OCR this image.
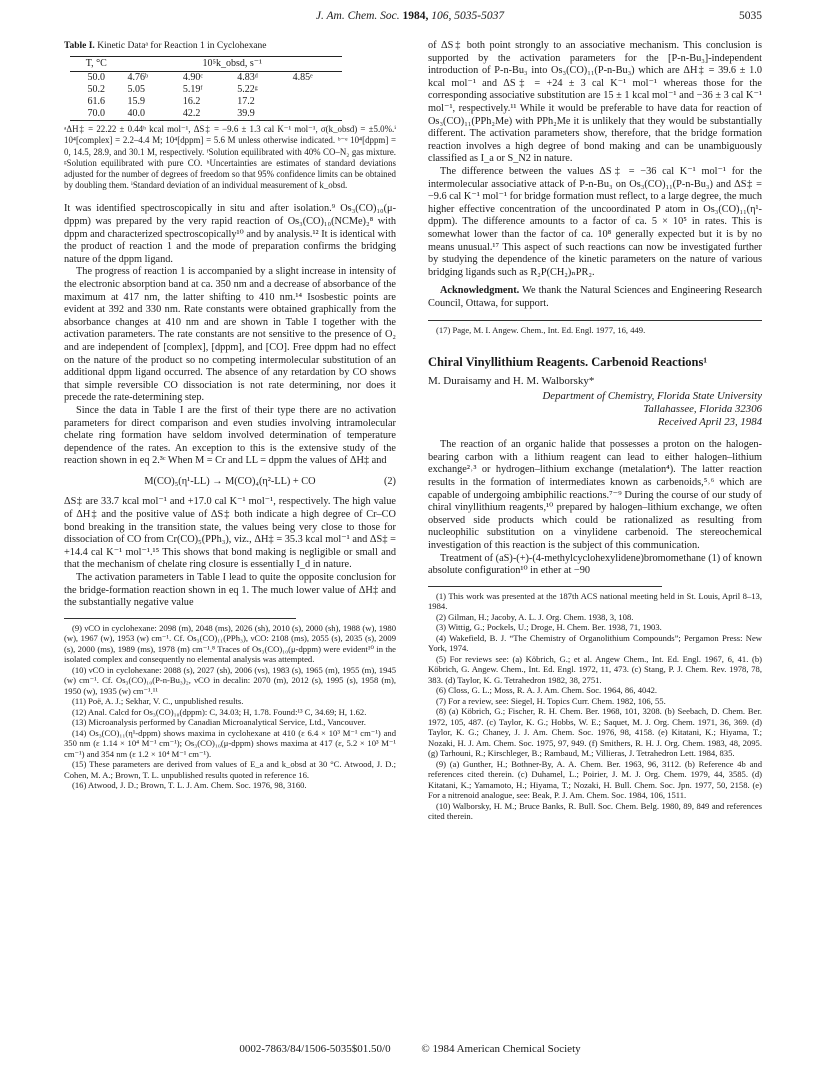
J. Am. Chem. Soc. 1984, 106, 5035-5037	5035

Table I. Kinetic Dataᵃ for Reaction 1 in Cyclohexane

T, °C	10⁵k_obsd, s⁻¹			
50.0	4.76ᵇ	4.90ᶜ	4.83ᵈ	4.85ᵉ
50.2	5.05	5.19ᶠ	5.22ᵍ	
61.6	15.9	16.2	17.2	
70.0	40.0	42.2	39.9	
ᵃΔH‡ = 22.22 ± 0.44ʰ kcal mol⁻¹, ΔS‡ = −9.6 ± 1.3 cal K⁻¹ mol⁻¹, σ(k_obsd) = ±5.0%.ⁱ 10⁴[complex] = 2.2–4.4 M; 10⁴[dppm] = 5.6 M unless otherwise indicated. ᵇ⁻ᵉ 10⁴[dppm] = 0, 14.5, 28.9, and 30.1 M, respectively. ᶠSolution equilibrated with 40% CO–N₂ gas mixture. ᵍSolution equilibrated with pure CO. ʰUncertainties are estimates of standard deviations adjusted for the number of degrees of freedom so that 95% confidence limits can be obtained by doubling them. ⁱStandard deviation of an individual measurement of k_obsd.

It was identified spectroscopically in situ and after isolation.⁹ Os₃(CO)₁₀(μ-dppm) was prepared by the very rapid reaction of Os₃(CO)₁₀(NCMe)₂⁸ with dppm and characterized spectroscopically¹⁰ and by analysis.¹² It is identical with the product of reaction 1 and the mode of preparation confirms the bridging nature of the dppm ligand.

The progress of reaction 1 is accompanied by a slight increase in intensity of the electronic absorption band at ca. 350 nm and a decrease of absorbance of the maximum at 417 nm, the latter shifting to 410 nm.¹⁴ Isosbestic points are evident at 392 and 330 nm. Rate constants were obtained graphically from the absorbance changes at 410 nm and are shown in Table I together with the activation parameters. The rate constants are not sensitive to the presence of O₂ and are independent of [complex], [dppm], and [CO]. Free dppm had no effect on the nature of the product so no competing intermolecular substitution of an additional dppm ligand occurred. The absence of any retardation by CO shows that simple reversible CO dissociation is not rate determining, nor does it precede the rate-determining step.

Since the data in Table I are the first of their type there are no activation parameters for direct comparison and even studies involving intramolecular chelate ring formation have seldom involved determination of temperature dependence of the rates. An exception to this is the extensive study of the reaction shown in eq 2.³ᶜ When M = Cr and LL = dppm the values of ΔH‡ and

M(CO)₅(η¹-LL) → M(CO)₄(η²-LL) + CO	(2)

ΔS‡ are 33.7 kcal mol⁻¹ and +17.0 cal K⁻¹ mol⁻¹, respectively. The high value of ΔH‡ and the positive value of ΔS‡ both indicate a high degree of Cr–CO bond breaking in the transition state, the values being very close to those for dissociation of CO from Cr(CO)₅(PPh₃), viz., ΔH‡ = 35.3 kcal mol⁻¹ and ΔS‡ = +14.4 cal K⁻¹ mol⁻¹.¹⁵ This shows that bond making is negligible or small and that the mechanism of chelate ring closure is essentially I_d in nature.

The activation parameters in Table I lead to quite the opposite conclusion for the bridge-formation reaction shown in eq 1. The much lower value of ΔH‡ and the substantially negative value

(9) νCO in cyclohexane: 2098 (m), 2048 (ms), 2026 (sh), 2010 (s), 2000 (sh), 1988 (w), 1980 (w), 1967 (w), 1953 (w) cm⁻¹. Cf. Os₃(CO)₁₁(PPh₃), νCO: 2108 (ms), 2055 (s), 2035 (s), 2009 (s), 2000 (ms), 1989 (ms), 1978 (m) cm⁻¹.⁸ Traces of Os₃(CO)₁₀(μ-dppm) were evident¹⁰ in the isolated complex and consequently no elemental analysis was attempted.

(10) νCO in cyclohexane: 2088 (s), 2027 (sh), 2006 (vs), 1983 (s), 1965 (m), 1955 (m), 1945 (w) cm⁻¹. Cf. Os₃(CO)₁₀(P-n-Bu₃)₂, νCO in decalin: 2070 (m), 2012 (s), 1995 (s), 1958 (m), 1950 (w), 1935 (w) cm⁻¹.¹¹

(11) Poë, A. J.; Sekhar, V. C., unpublished results.

(12) Anal. Calcd for Os₃(CO)₁₀(dppm): C, 34.03; H, 1.78. Found:¹³ C, 34.69; H, 1.62.

(13) Microanalysis performed by Canadian Microanalytical Service, Ltd., Vancouver.

(14) Os₃(CO)₁₁(η¹-dppm) shows maxima in cyclohexane at 410 (ε 6.4 × 10³ M⁻¹ cm⁻¹) and 350 nm (ε 1.14 × 10⁴ M⁻¹ cm⁻¹); Os₃(CO)₁₀(μ-dppm) shows maxima at 417 (ε, 5.2 × 10³ M⁻¹ cm⁻¹) and 354 nm (ε 1.2 × 10⁴ M⁻¹ cm⁻¹).

(15) These parameters are derived from values of E_a and k_obsd at 30 °C. Atwood, J. D.; Cohen, M. A.; Brown, T. L. unpublished results quoted in reference 16.

(16) Atwood, J. D.; Brown, T. L. J. Am. Chem. Soc. 1976, 98, 3160.

of ΔS‡ both point strongly to an associative mechanism. This conclusion is supported by the activation parameters for the [P-n-Bu₃]-independent introduction of P-n-Bu₃ into Os₃(CO)₁₁(P-n-Bu₃) which are ΔH‡ = 39.6 ± 1.0 kcal mol⁻¹ and ΔS‡ = +24 ± 3 cal K⁻¹ mol⁻¹ whereas those for the corresponding associative substitution are 15 ± 1 kcal mol⁻¹ and −36 ± 3 cal K⁻¹ mol⁻¹, respectively.¹¹ While it would be preferable to have data for reaction of Os₃(CO)₁₁(PPh₂Me) with PPh₂Me it is unlikely that they would be substantially different. The activation parameters show, therefore, that the bridge formation reaction involves a high degree of bond making and can be unambiguously classified as I_a or S_N2 in nature.

The difference between the values ΔS‡ = −36 cal K⁻¹ mol⁻¹ for the intermolecular associative attack of P-n-Bu₃ on Os₃(CO)₁₁(P-n-Bu₃) and ΔS‡ = −9.6 cal K⁻¹ mol⁻¹ for bridge formation must reflect, to a large degree, the much higher effective concentration of the uncoordinated P atom in Os₃(CO)₁₁(η¹-dppm). The difference amounts to a factor of ca. 5 × 10⁵ in rates. This is somewhat lower than the factor of ca. 10⁸ generally expected but it is by no means unusual.¹⁷ This aspect of such reactions can now be investigated further by studying the dependence of the kinetic parameters on the nature of various bridging ligands such as R₂P(CH₂)ₙPR₂.

Acknowledgment. We thank the Natural Sciences and Engineering Research Council, Ottawa, for support.

(17) Page, M. I. Angew. Chem., Int. Ed. Engl. 1977, 16, 449.

Chiral Vinyllithium Reagents. Carbenoid Reactions¹

M. Duraisamy and H. M. Walborsky*

Department of Chemistry, Florida State University
Tallahassee, Florida 32306
Received April 23, 1984

The reaction of an organic halide that possesses a proton on the halogen-bearing carbon with a lithium reagent can lead to either halogen–lithium exchange²˒³ or hydrogen–lithium exchange (metalation⁴). The latter reaction results in the formation of intermediates known as carbenoids,⁵˒⁶ which are capable of undergoing ambiphilic reactions.⁷⁻⁹ During the course of our study of chiral vinyllithium reagents,¹⁰ prepared by halogen–lithium exchange, we often observed side products which could be rationalized as resulting from nucleophilic substitution on a vinylidene carbenoid. The stereochemical investigation of this reaction is the subject of this communication.

Treatment of (aS)-(+)-(4-methylcyclohexylidene)bromomethane (1) of known absolute configuration¹⁰ in ether at −90

(1) This work was presented at the 187th ACS national meeting held in St. Louis, April 8–13, 1984.

(2) Gilman, H.; Jacoby, A. L. J. Org. Chem. 1938, 3, 108.

(3) Wittig, G.; Pockels, U.; Droge, H. Chem. Ber. 1938, 71, 1903.

(4) Wakefield, B. J. “The Chemistry of Organolithium Compounds”; Pergamon Press: New York, 1974.

(5) For reviews see: (a) Köbrich, G.; et al. Angew Chem., Int. Ed. Engl. 1967, 6, 41. (b) Köbrich, G. Angew. Chem., Int. Ed. Engl. 1972, 11, 473. (c) Stang, P. J. Chem. Rev. 1978, 78, 383. (d) Taylor, K. G. Tetrahedron 1982, 38, 2751.

(6) Closs, G. L.; Moss, R. A. J. Am. Chem. Soc. 1964, 86, 4042.

(7) For a review, see: Siegel, H. Topics Curr. Chem. 1982, 106, 55.

(8) (a) Köbrich, G.; Fischer, R. H. Chem. Ber. 1968, 101, 3208. (b) Seebach, D. Chem. Ber. 1972, 105, 487. (c) Taylor, K. G.; Hobbs, W. E.; Saquet, M. J. Org. Chem. 1971, 36, 369. (d) Taylor, K. G.; Chaney, J. J. Am. Chem. Soc. 1976, 98, 4158. (e) Kitatani, K.; Hiyama, T.; Nozaki, H. J. Am. Chem. Soc. 1975, 97, 949. (f) Smithers, R. H. J. Org. Chem. 1983, 48, 2095. (g) Tarhouni, R.; Kirschleger, B.; Rambaud, M.; Villieras, J. Tetrahedron Lett. 1984, 835.

(9) (a) Gunther, H.; Bothner-By, A. A. Chem. Ber. 1963, 96, 3112. (b) Reference 4b and references cited therein. (c) Duhamel, L.; Poirier, J. M. J. Org. Chem. 1979, 44, 3585. (d) Kitatani, K.; Yamamoto, H.; Hiyama, T.; Nozaki, H. Bull. Chem. Soc. Jpn. 1977, 50, 2158. (e) For a nitrenoid analogue, see: Beak, P. J. Am. Chem. Soc. 1984, 106, 1511.

(10) Walborsky, H. M.; Bruce Banks, R. Bull. Soc. Chem. Belg. 1980, 89, 849 and references cited therein.

0002-7863/84/1506-5035$01.50/0	© 1984 American Chemical Society
